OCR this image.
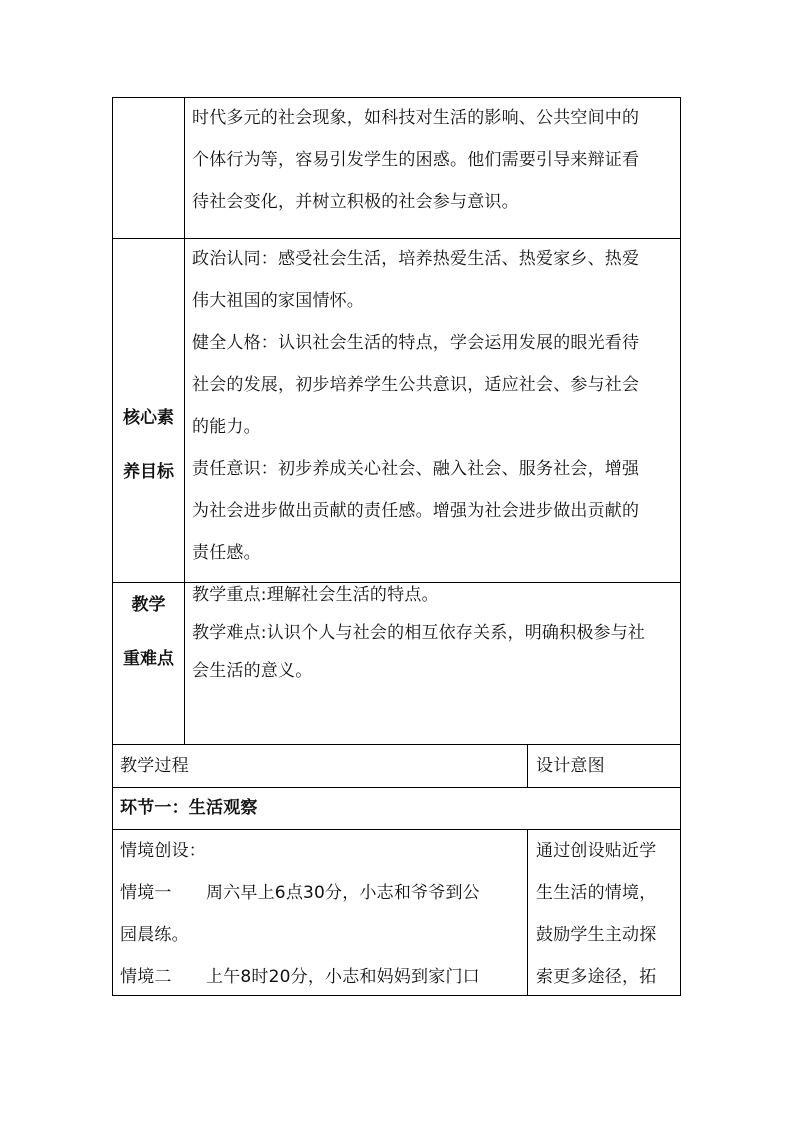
时代多元的社会现象，如科技对生活的影响、公共空间中的

个体行为等，容易引发学生的困惑。他们需要引导来辩证看

待社会变化，并树立积极的社会参与意识。

核心素
养目标

政治认同：感受社会生活，培养热爱生活、热爱家乡、热爱

伟大祖国的家国情怀。

健全人格：认识社会生活的特点，学会运用发展的眼光看待

社会的发展，初步培养学生公共意识，适应社会、参与社会

的能力。

责任意识：初步养成关心社会、融入社会、服务社会，增强

为社会进步做出贡献的责任感。增强为社会进步做出贡献的

责任感。

教学
重难点

教学重点:理解社会生活的特点。

教学难点:认识个人与社会的相互依存关系，明确积极参与社

会生活的意义。

教学过程	设计意图

环节一：生活观察

情境创设：

情境一　　周六早上6点30分，小志和爷爷到公

园晨练。

情境二　　上午8时20分，小志和妈妈到家门口

通过创设贴近学

生生活的情境，

鼓励学生主动探

索更多途径，拓
